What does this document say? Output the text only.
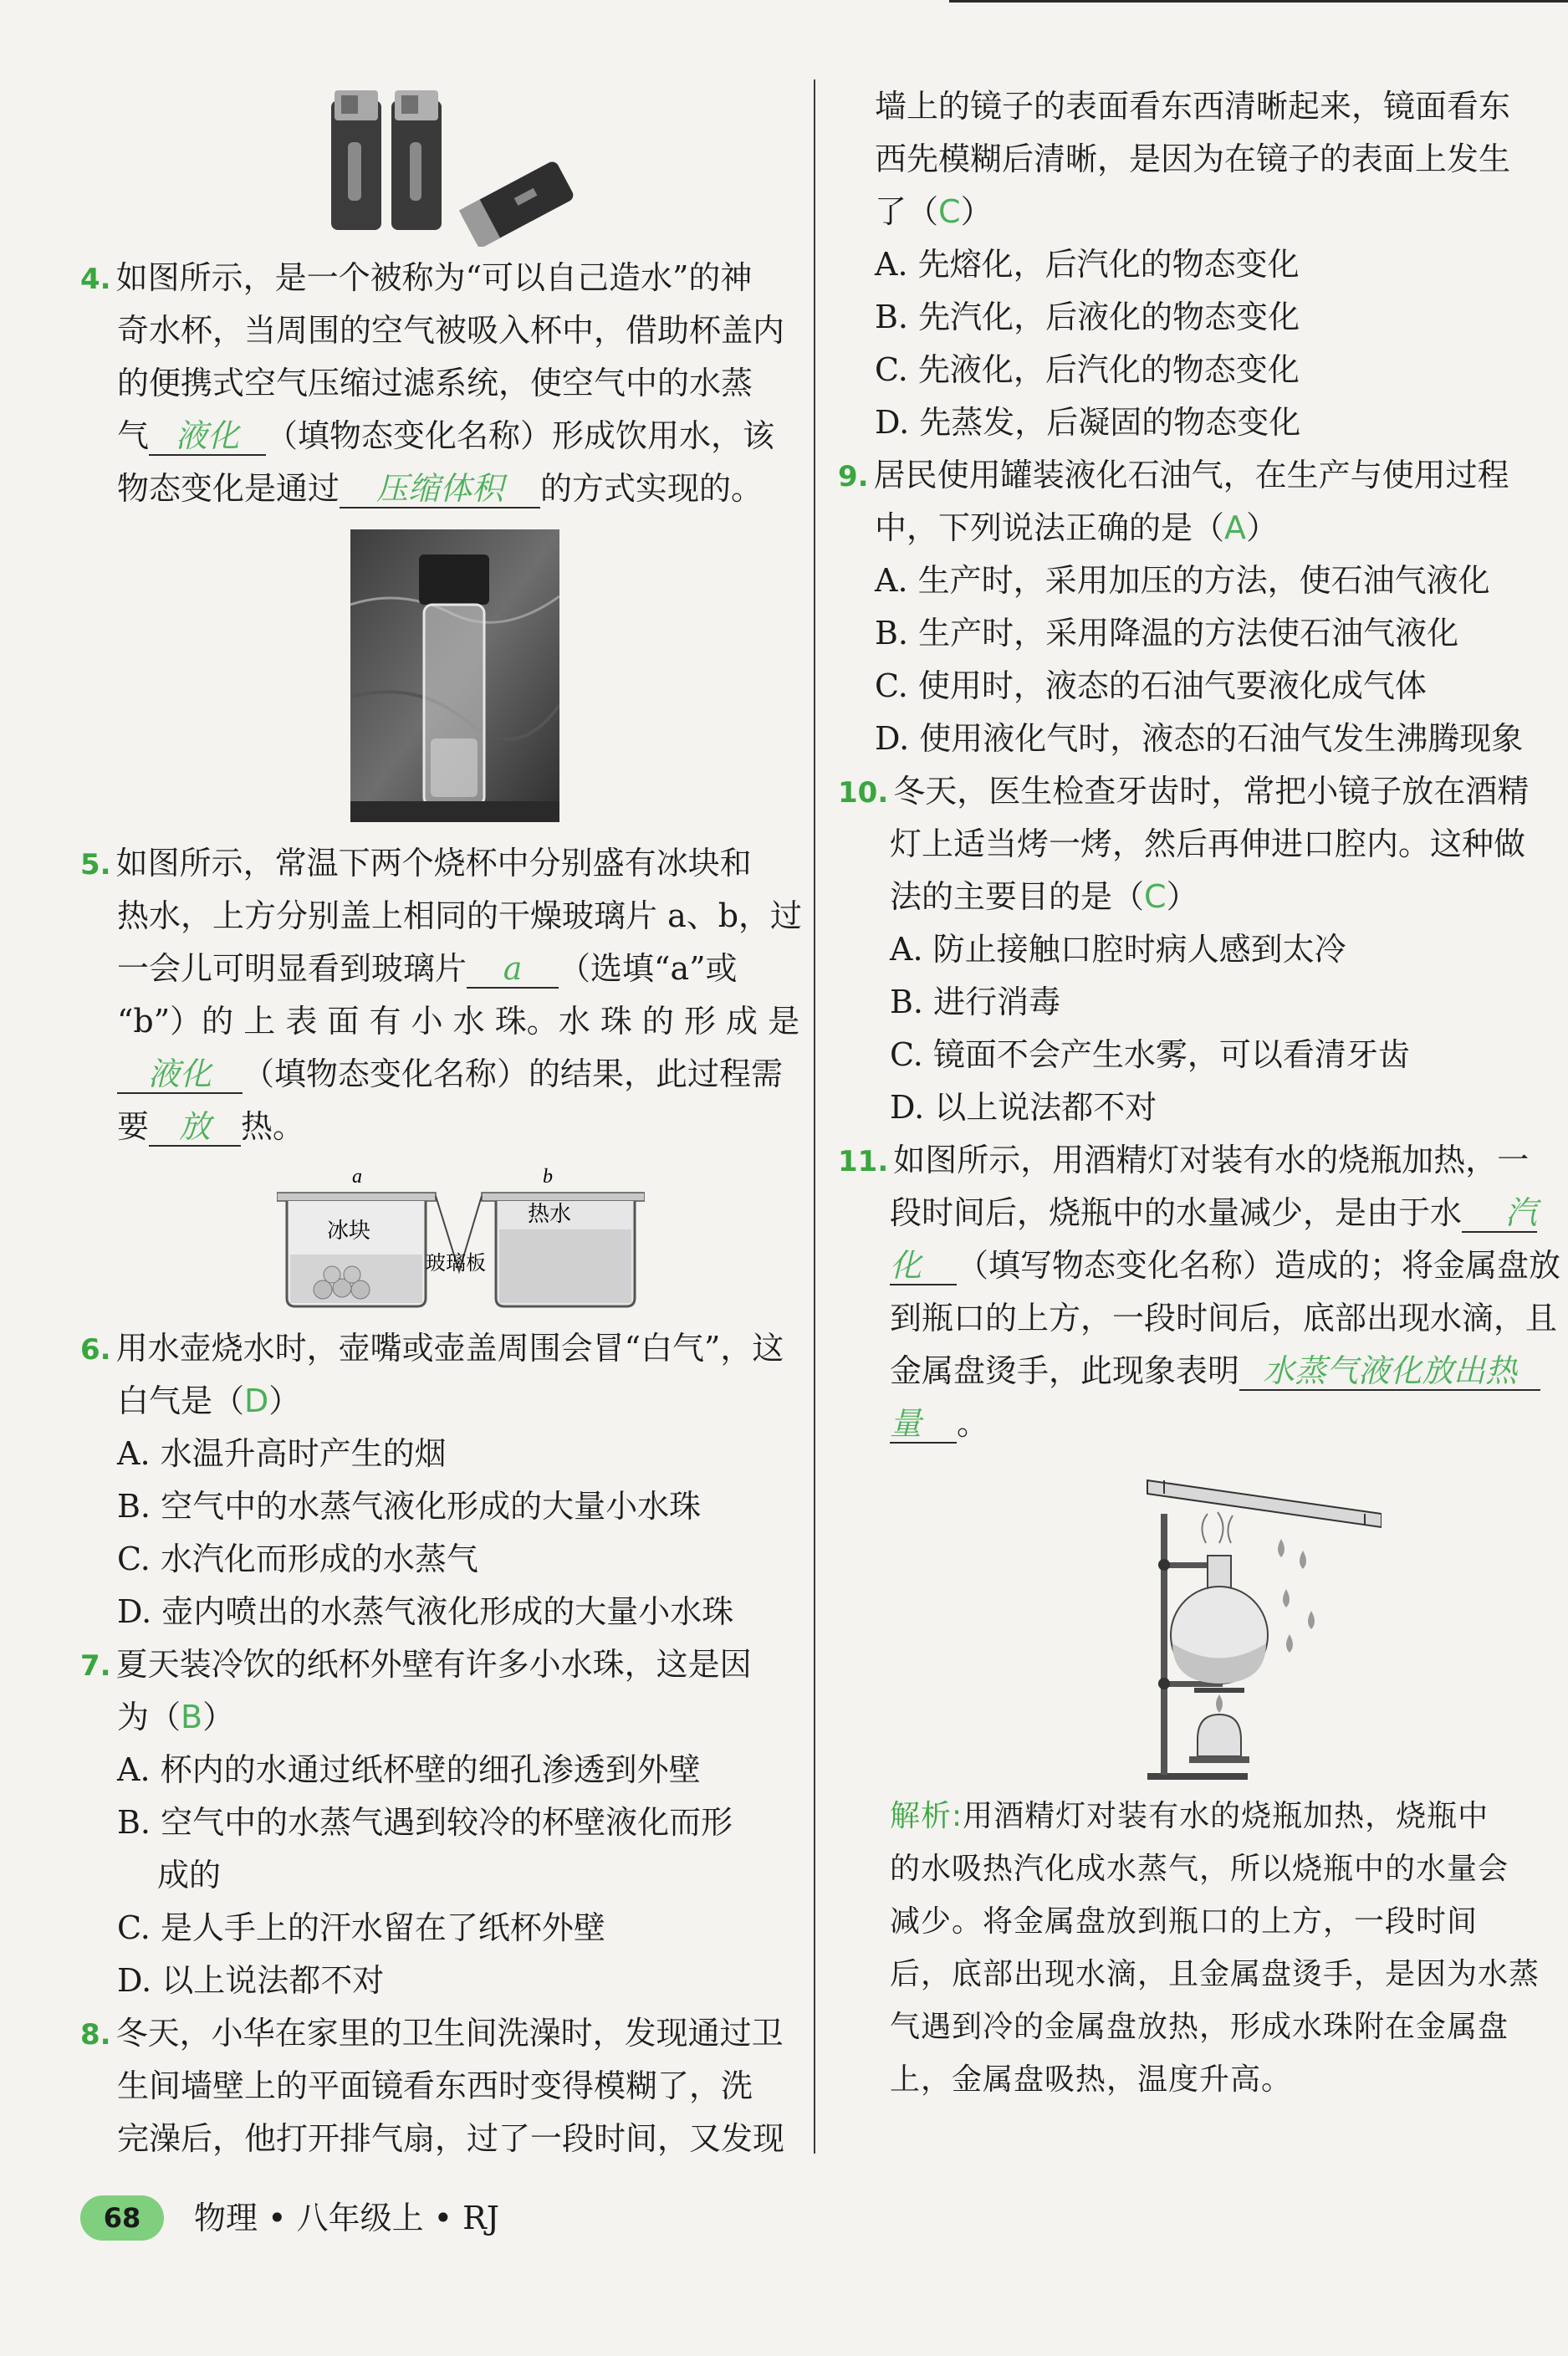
4. 如图所示，是一个被称为“可以自己造水”的神
奇水杯，当周围的空气被吸入杯中，借助杯盖内
的便携式空气压缩过滤系统，使空气中的水蒸
气 液化 （填物态变化名称）形成饮用水，该
物态变化是通过 压缩体积 的方式实现的。
5. 如图所示，常温下两个烧杯中分别盛有冰块和
热水，上方分别盖上相同的干燥玻璃片 a、b，过
一会儿可明显看到玻璃片 a （选填“a”或
“b”）的 上 表 面 有 小 水 珠。水 珠 的 形 成 是
液化 （填物态变化名称）的结果，此过程需
要 放 热。
a	b
冰块
热水
玻璃板
6. 用水壶烧水时，壶嘴或壶盖周围会冒“白气”，这
白气是（D）
A. 水温升高时产生的烟
B. 空气中的水蒸气液化形成的大量小水珠
C. 水汽化而形成的水蒸气
D. 壶内喷出的水蒸气液化形成的大量小水珠
7. 夏天装冷饮的纸杯外壁有许多小水珠，这是因
为（B）
A. 杯内的水通过纸杯壁的细孔渗透到外壁
B. 空气中的水蒸气遇到较冷的杯壁液化而形
成的
C. 是人手上的汗水留在了纸杯外壁
D. 以上说法都不对
8. 冬天，小华在家里的卫生间洗澡时，发现通过卫
生间墙壁上的平面镜看东西时变得模糊了，洗
完澡后，他打开排气扇，过了一段时间，又发现
墙上的镜子的表面看东西清晰起来，镜面看东
西先模糊后清晰，是因为在镜子的表面上发生
了（C）
A. 先熔化，后汽化的物态变化
B. 先汽化，后液化的物态变化
C. 先液化，后汽化的物态变化
D. 先蒸发，后凝固的物态变化
9. 居民使用罐装液化石油气，在生产与使用过程
中，下列说法正确的是（A）
A. 生产时，采用加压的方法，使石油气液化
B. 生产时，采用降温的方法使石油气液化
C. 使用时，液态的石油气要液化成气体
D. 使用液化气时，液态的石油气发生沸腾现象
10. 冬天，医生检查牙齿时，常把小镜子放在酒精
灯上适当烤一烤，然后再伸进口腔内。这种做
法的主要目的是（C）
A. 防止接触口腔时病人感到太冷
B. 进行消毒
C. 镜面不会产生水雾，可以看清牙齿
D. 以上说法都不对
11. 如图所示，用酒精灯对装有水的烧瓶加热，一
段时间后，烧瓶中的水量减少，是由于水 汽
化 （填写物态变化名称）造成的；将金属盘放
到瓶口的上方，一段时间后，底部出现水滴，且
金属盘烫手，此现象表明 水蒸气液化放出热
量 。
解析:用酒精灯对装有水的烧瓶加热，烧瓶中
的水吸热汽化成水蒸气，所以烧瓶中的水量会
减少。将金属盘放到瓶口的上方，一段时间
后，底部出现水滴，且金属盘烫手，是因为水蒸
气遇到冷的金属盘放热，形成水珠附在金属盘
上，金属盘吸热，温度升高。
68	物理 • 八年级上 • RJ
